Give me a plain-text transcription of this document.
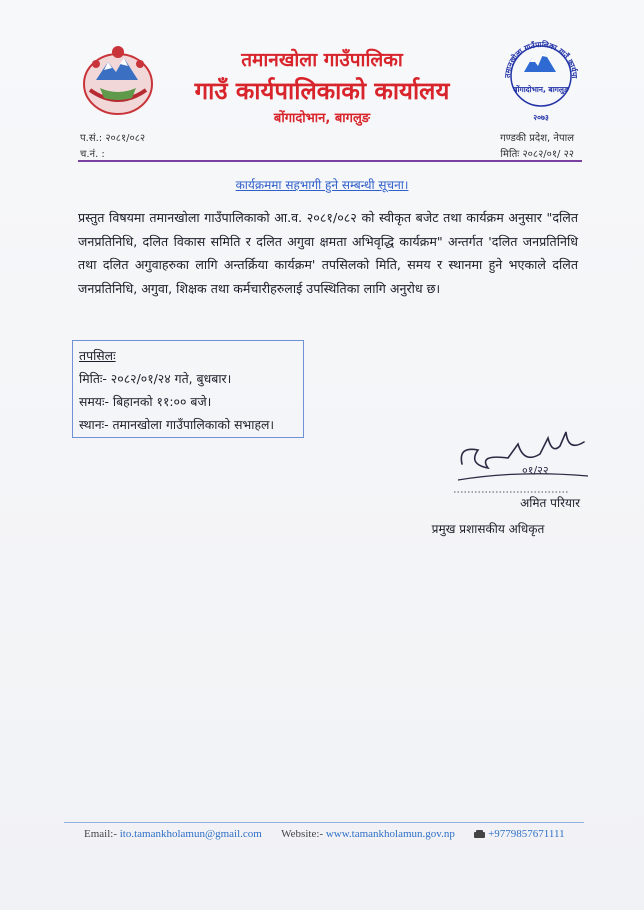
तमानखोला गाउँपालिका
गाउँ कार्यपालिकाको कार्यालय
बोंगादोभान, बागलुङ
तमानखोला गाउँपालिका गाउँ कार्यपा
बोंगादोभान, बागलुङ
२०७३
प.सं.: २०८१/०८२
च.नं. :
गण्डकी प्रदेश, नेपाल
मितिः २०८२/०१/ २२
कार्यक्रममा सहभागी हुने सम्बन्धी सूचना।
प्रस्तुत विषयमा तमानखोला गाउँपालिकाको आ.व. २०८१/०८२ को स्वीकृत बजेट तथा कार्यक्रम अनुसार "दलित जनप्रतिनिधि, दलित विकास समिति र दलित अगुवा क्षमता अभिवृद्धि कार्यक्रम" अन्तर्गत 'दलित जनप्रतिनिधि तथा दलित अगुवाहरुका लागि अन्तर्क्रिया कार्यक्रम' तपसिलको मिति, समय र स्थानमा हुने भएकाले दलित जनप्रतिनिधि, अगुवा, शिक्षक तथा कर्मचारीहरुलाई उपस्थितिका लागि अनुरोध छ।
तपसिलः
मितिः- २०८२/०१/२४ गते, बुधबार।
समयः- बिहानको ११:०० बजे।
स्थानः- तमानखोला गाउँपालिकाको सभाहल।
०१/२२
अमित परियार
प्रमुख प्रशासकीय अधिकृत
Email:- ito.tamankholamun@gmail.com Website:- www.tamankholamun.gov.np	+9779857671111
